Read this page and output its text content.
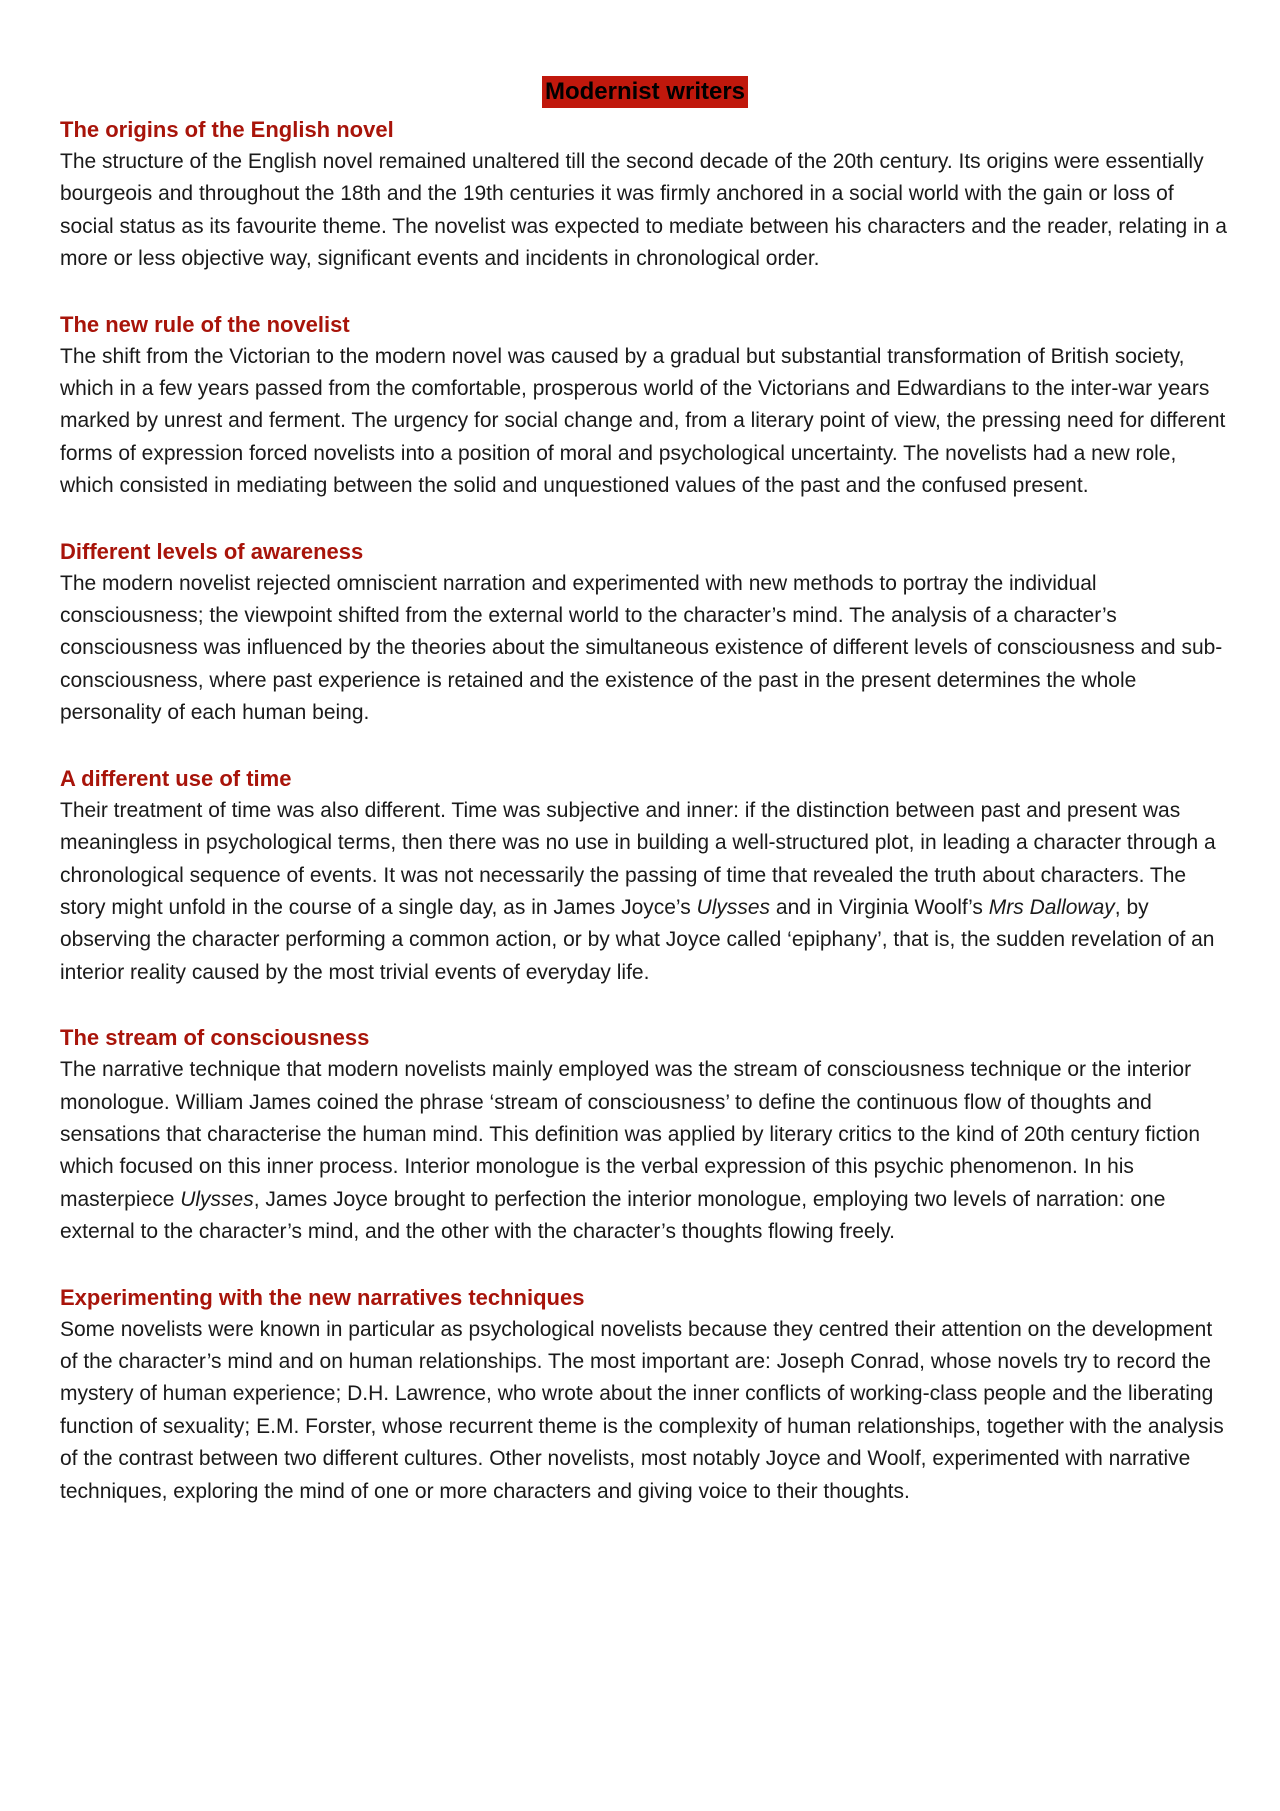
Modernist writers

The origins of the English novel

The structure of the English novel remained unaltered till the second decade of the 20th century. Its origins were essentially bourgeois and throughout the 18th and the 19th centuries it was firmly anchored in a social world with the gain or loss of social status as its favourite theme. The novelist was expected to mediate between his characters and the reader, relating in a more or less objective way, significant events and incidents in chronological order.

The new rule of the novelist

The shift from the Victorian to the modern novel was caused by a gradual but substantial transformation of British society, which in a few years passed from the comfortable, prosperous world of the Victorians and Edwardians to the inter-war years marked by unrest and ferment. The urgency for social change and, from a literary point of view, the pressing need for different forms of expression forced novelists into a position of moral and psychological uncertainty. The novelists had a new role, which consisted in mediating between the solid and unquestioned values of the past and the confused present.

Different levels of awareness

The modern novelist rejected omniscient narration and experimented with new methods to portray the individual consciousness; the viewpoint shifted from the external world to the character’s mind. The analysis of a character’s consciousness was influenced by the theories about the simultaneous existence of different levels of consciousness and sub-consciousness, where past experience is retained and the existence of the past in the present determines the whole personality of each human being.

A different use of time

Their treatment of time was also different. Time was subjective and inner: if the distinction between past and present was meaningless in psychological terms, then there was no use in building a well-structured plot, in leading a character through a chronological sequence of events. It was not necessarily the passing of time that revealed the truth about characters. The story might unfold in the course of a single day, as in James Joyce’s Ulysses and in Virginia Woolf’s Mrs Dalloway, by observing the character performing a common action, or by what Joyce called ‘epiphany’, that is, the sudden revelation of an interior reality caused by the most trivial events of everyday life.

The stream of consciousness

The narrative technique that modern novelists mainly employed was the stream of consciousness technique or the interior monologue. William James coined the phrase ‘stream of consciousness’ to define the continuous flow of thoughts and sensations that characterise the human mind. This definition was applied by literary critics to the kind of 20th century fiction which focused on this inner process. Interior monologue is the verbal expression of this psychic phenomenon. In his masterpiece Ulysses, James Joyce brought to perfection the interior monologue, employing two levels of narration: one external to the character’s mind, and the other with the character’s thoughts flowing freely.

Experimenting with the new narratives techniques

Some novelists were known in particular as psychological novelists because they centred their attention on the development of the character’s mind and on human relationships. The most important are: Joseph Conrad, whose novels try to record the mystery of human experience; D.H. Lawrence, who wrote about the inner conflicts of working-class people and the liberating function of sexuality; E.M. Forster, whose recurrent theme is the complexity of human relationships, together with the analysis of the contrast between two different cultures. Other novelists, most notably Joyce and Woolf, experimented with narrative techniques, exploring the mind of one or more characters and giving voice to their thoughts.
